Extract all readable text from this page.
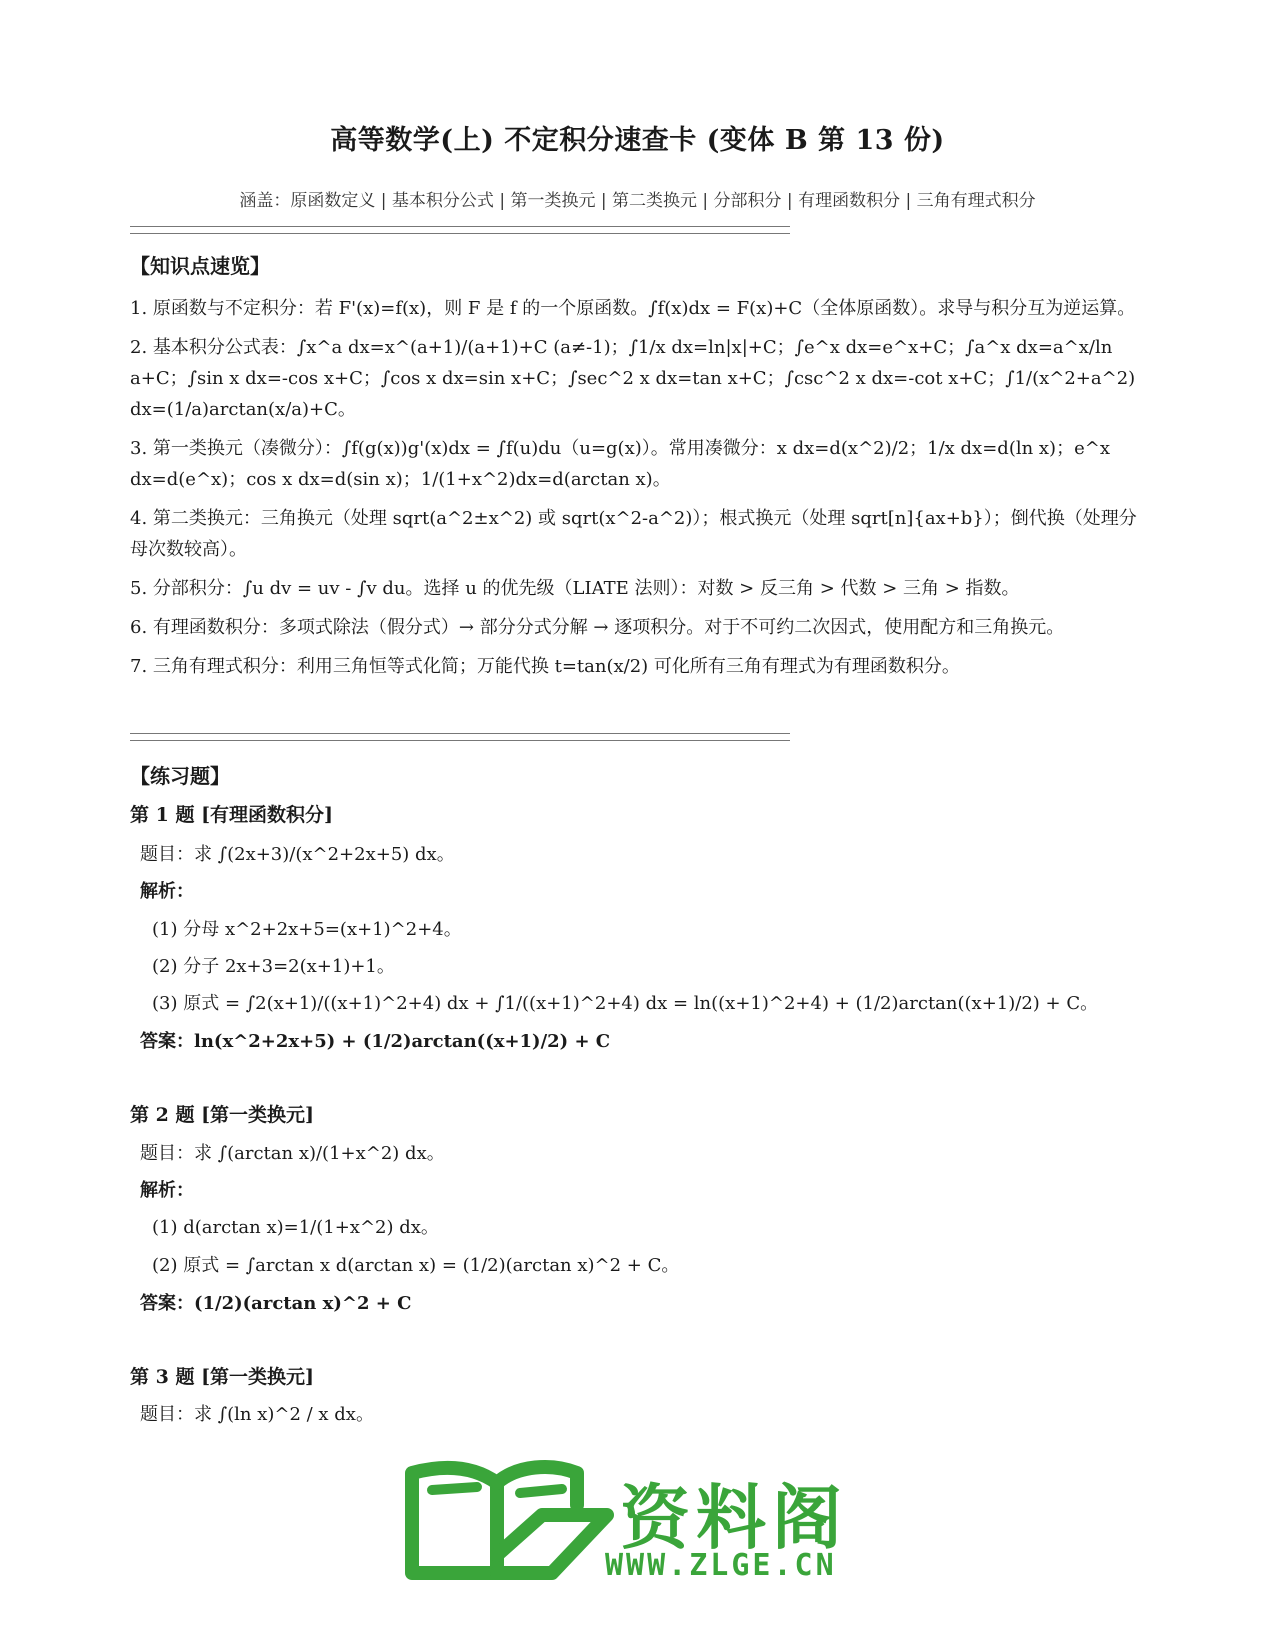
高等数学(上) 不定积分速查卡 (变体 B 第 13 份)
涵盖：原函数定义 | 基本积分公式 | 第一类换元 | 第二类换元 | 分部积分 | 有理函数积分 | 三角有理式积分

【知识点速览】

1. 原函数与不定积分：若 F'(x)=f(x)，则 F 是 f 的一个原函数。∫f(x)dx = F(x)+C（全体原函数）。求导与积分互为逆运算。

2. 基本积分公式表：∫x^a dx=x^(a+1)/(a+1)+C (a≠-1)；∫1/x dx=ln|x|+C；∫e^x dx=e^x+C；∫a^x dx=a^x/ln a+C；∫sin x dx=-cos x+C；∫cos x dx=sin x+C；∫sec^2 x dx=tan x+C；∫csc^2 x dx=-cot x+C；∫1/(x^2+a^2) dx=(1/a)arctan(x/a)+C。

3. 第一类换元（凑微分）：∫f(g(x))g'(x)dx = ∫f(u)du（u=g(x)）。常用凑微分：x dx=d(x^2)/2；1/x dx=d(ln x)；e^x dx=d(e^x)；cos x dx=d(sin x)；1/(1+x^2)dx=d(arctan x)。

4. 第二类换元：三角换元（处理 sqrt(a^2±x^2) 或 sqrt(x^2-a^2)）；根式换元（处理 sqrt[n]{ax+b}）；倒代换（处理分母次数较高）。

5. 分部积分：∫u dv = uv - ∫v du。选择 u 的优先级（LIATE 法则）：对数 > 反三角 > 代数 > 三角 > 指数。

6. 有理函数积分：多项式除法（假分式）→ 部分分式分解 → 逐项积分。对于不可约二次因式，使用配方和三角换元。

7. 三角有理式积分：利用三角恒等式化简；万能代换 t=tan(x/2) 可化所有三角有理式为有理函数积分。

【练习题】
第 1 题 [有理函数积分]
题目：求 ∫(2x+3)/(x^2+2x+5) dx。
解析：
(1) 分母 x^2+2x+5=(x+1)^2+4。
(2) 分子 2x+3=2(x+1)+1。
(3) 原式 = ∫2(x+1)/((x+1)^2+4) dx + ∫1/((x+1)^2+4) dx = ln((x+1)^2+4) + (1/2)arctan((x+1)/2) + C。
答案：ln(x^2+2x+5) + (1/2)arctan((x+1)/2) + C
第 2 题 [第一类换元]
题目：求 ∫(arctan x)/(1+x^2) dx。
解析：
(1) d(arctan x)=1/(1+x^2) dx。
(2) 原式 = ∫arctan x d(arctan x) = (1/2)(arctan x)^2 + C。
答案：(1/2)(arctan x)^2 + C
第 3 题 [第一类换元]
题目：求 ∫(ln x)^2 / x dx。
资料阁
WWW.ZLGE.CN
